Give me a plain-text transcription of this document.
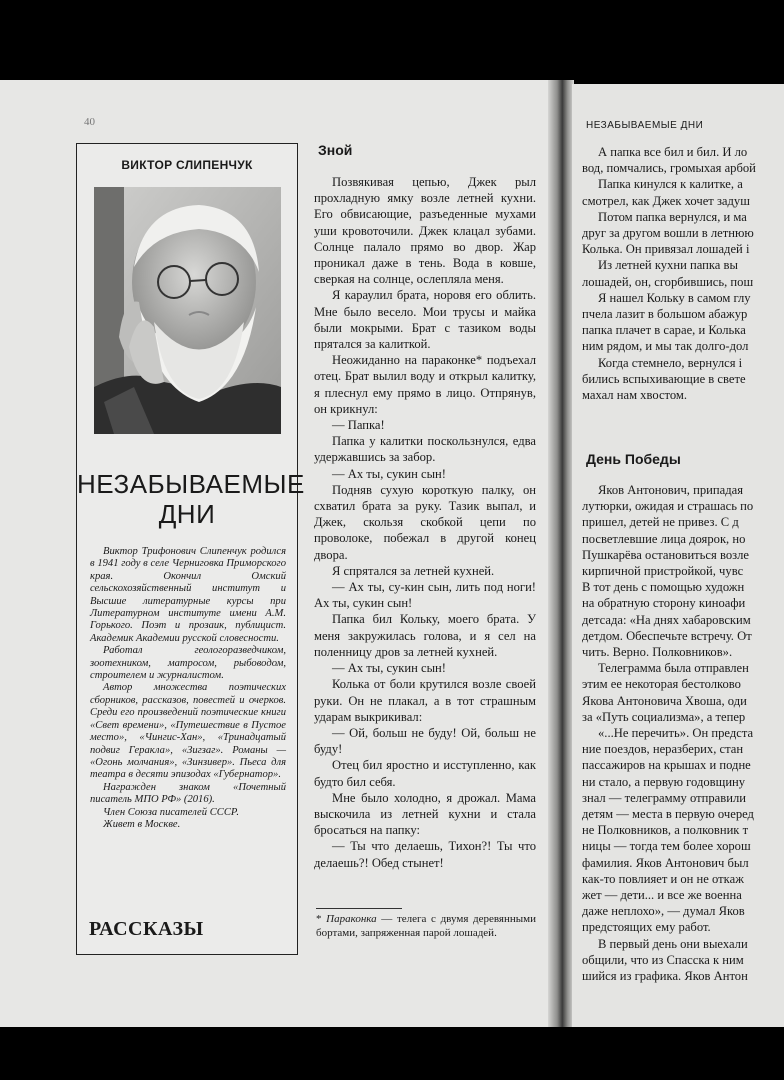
40
ВИКТОР СЛИПЕНЧУК
НЕЗАБЫВАЕМЫЕ
ДНИ

Виктор Трифонович Слипенчук родился в 1941 году в селе Черниговка Приморского края. Окончил Омский сельскохозяйственный институт и Высшие литературные курсы при Литературном институте имени А.М. Горького. Поэт и прозаик, публицист. Академик Академии русской словесности.

Работал геологоразведчиком, зоотехником, матросом, рыбоводом, строителем и журналистом.

Автор множества поэтических сборников, рассказов, повестей и очерков. Среди его произведений поэтические книги «Свет времени», «Путешествие в Пустое место», «Чингис-Хан», «Тринадцатый подвиг Геракла», «Зигзаг». Романы — «Огонь молчания», «Зинзивер». Пьеса для театра в десяти эпизодах «Губернатор».

Награжден знаком «Почетный писатель МПО РФ» (2016).

Член Союза писателей СССР.

Живет в Москве.

РАССКАЗЫ
Зной

Позвякивая цепью, Джек рыл прохладную ямку возле летней кухни. Его обвисающие, разъеденные мухами уши кровоточили. Джек клацал зубами. Солнце палало прямо во двор. Жар проникал даже в тень. Вода в ковше, сверкая на солнце, ослепляла меня.

Я караулил брата, норовя его облить. Мне было весело. Мои трусы и майка были мокрыми. Брат с тазиком воды прятался за калиткой.

Неожиданно на параконке* подъехал отец. Брат вылил воду и открыл калитку, я плеснул ему прямо в лицо. Отпрянув, он крикнул:

— Папка!

Папка у калитки поскользнулся, едва удержавшись за забор.

— Ах ты, сукин сын!

Подняв сухую короткую палку, он схватил брата за руку. Тазик выпал, и Джек, скользя скобкой цепи по проволоке, побежал в другой конец двора.

Я спрятался за летней кухней.

— Ах ты, су-кин сын, лить под ноги! Ах ты, сукин сын!

Папка бил Кольку, моего брата. У меня закружилась голова, и я сел на поленницу дров за летней кухней.

— Ах ты, сукин сын!

Колька от боли крутился возле своей руки. Он не плакал, а в тот страшным ударам выкрикивал:

— Ой, больш не буду! Ой, больш не буду!

Отец бил яростно и исступленно, как будто бил себя.

Мне было холодно, я дрожал. Мама выскочила из летней кухни и стала бросаться на папку:

— Ты что делаешь, Тихон?! Ты что делаешь?! Обед стынет!

* Параконка — телега с двумя деревянными бортами, запряженная парой лошадей.
НЕЗАБЫВАЕМЫЕ ДНИ

А папка все бил и бил. И ло

вод, помчались, громыхая арбой

Папка кинулся к калитке, а

смотрел, как Джек хочет задуш

Потом папка вернулся, и ма

друг за другом вошли в летнюю

Колька. Он привязал лошадей і

Из летней кухни папка вы

лошадей, он, сгорбившись, пош

Я нашел Кольку в самом глу

пчела лазит в большом абажур

папка плачет в сарае, и Колька

ним рядом, и мы так долго-дол

Когда стемнело, вернулся і

бились вспыхивающие в свете

махал нам хвостом.

День Победы

Яков Антонович, припадая

лутюрки, ожидая и страшась по

пришел, детей не привез. С д

посветлевшие лица доярок, но

Пушкарёва остановиться возле

кирпичной пристройкой, чувс

В тот день с помощью художн

на обратную сторону киноафи

детсада: «На днях хабаровским

детдом. Обеспечьте встречу. От

чить. Верно. Полковников».

Телеграмма была отправлен

этим ее некоторая бестолково

Якова Антоновича Хвоша, оди

за «Путь социализма», а тепер

«...Не перечить». Он предста

ние поездов, неразберих, стан

пассажиров на крышах и подне

ни стало, а первую годовщину

знал — телеграмму отправили

детям — места в первую очеред

не Полковников, а полковник т

ницы — тогда тем более хорош

фамилия. Яков Антонович был

как-то повлияет и он не откаж

жет — дети... и все же военна

даже неплохо», — думал Яков

предстоящих ему работ.

В первый день они выехали

общили, что из Спасска к ним

шийся из графика. Яков Антон
